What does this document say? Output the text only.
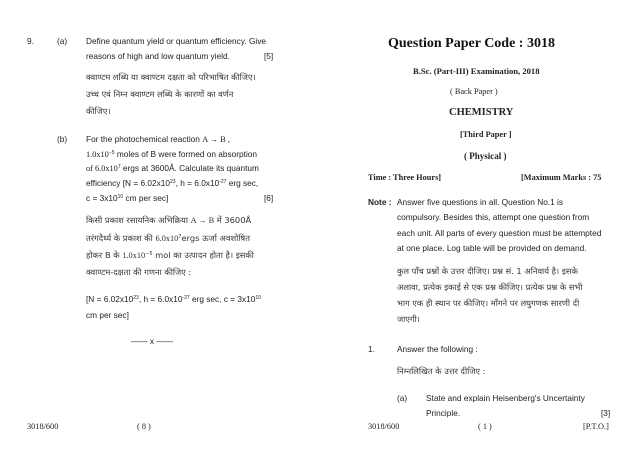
9.	(a) Define quantum yield or quantum efficiency. Give
reasons of high and low quantum yield.	[5]
क्वाण्टम लब्धि या क्वाण्टम दक्षता को परिभाषित कीजिए।
उच्च एवं निम्न क्वाण्टम लब्धि के कारणों का वर्णन
कीजिए।
(b) For the photochemical reaction A → B ,
$1.0x10^{-5}$ moles of B were formed on absorption
of $6.0x10^7$ ergs at 3600Å. Calculate its quantum
efficiency [$N = 6.02x10^{23}$, $h = 6.0x10^{-27}$ erg sec,
$c = 3x10^{10}$ cm per sec]	[6]
किसी प्रकाश रसायनिक अभिक्रिया A → B में 3600Å
तरंगदैर्ध्य के प्रकाश की $6.0x10^7ergs$ ऊर्जा अवशोषित
होकर B के $1.0x10^{-5}$ mol का उत्पादन होता है। इसकी
क्वाण्टम-दक्षता की गणना कीजिए :
[$N = 6.02x10^{23}$, $h = 6.0x10^{-27}$ erg sec, $c = 3x10^{10}$
cm per sec]
—— x ——
3018/600	( 8 )
Question Paper Code : 3018
B.Sc. (Part-III) Examination, 2018
( Back Paper )
CHEMISTRY
[Third Paper ]
( Physical )
Time : Three Hours]	[Maximum Marks : 75
Note : Answer five questions in all. Question No.1 is
compulsory. Besides this, attempt one question from
each unit. All parts of every question must be attempted
at one place. Log table will be provided on demand.
कुल पाँच प्रश्नों के उत्तर दीजिए। प्रश्न सं. 1 अनिवार्य है। इसके
अलावा, प्रत्येक इकाई से एक प्रश्न कीजिए। प्रत्येक प्रश्न के सभी
भाग एक ही स्थान पर कीजिए। माँगने पर लघुगणक सारणी दी
जाएगी।
1.	Answer the following :
निम्नलिखित के उत्तर दीजिए :
(a) State and explain Heisenberg's Uncertainty
Principle.	[3]
3018/600	( 1 )	[P.T.O.]
